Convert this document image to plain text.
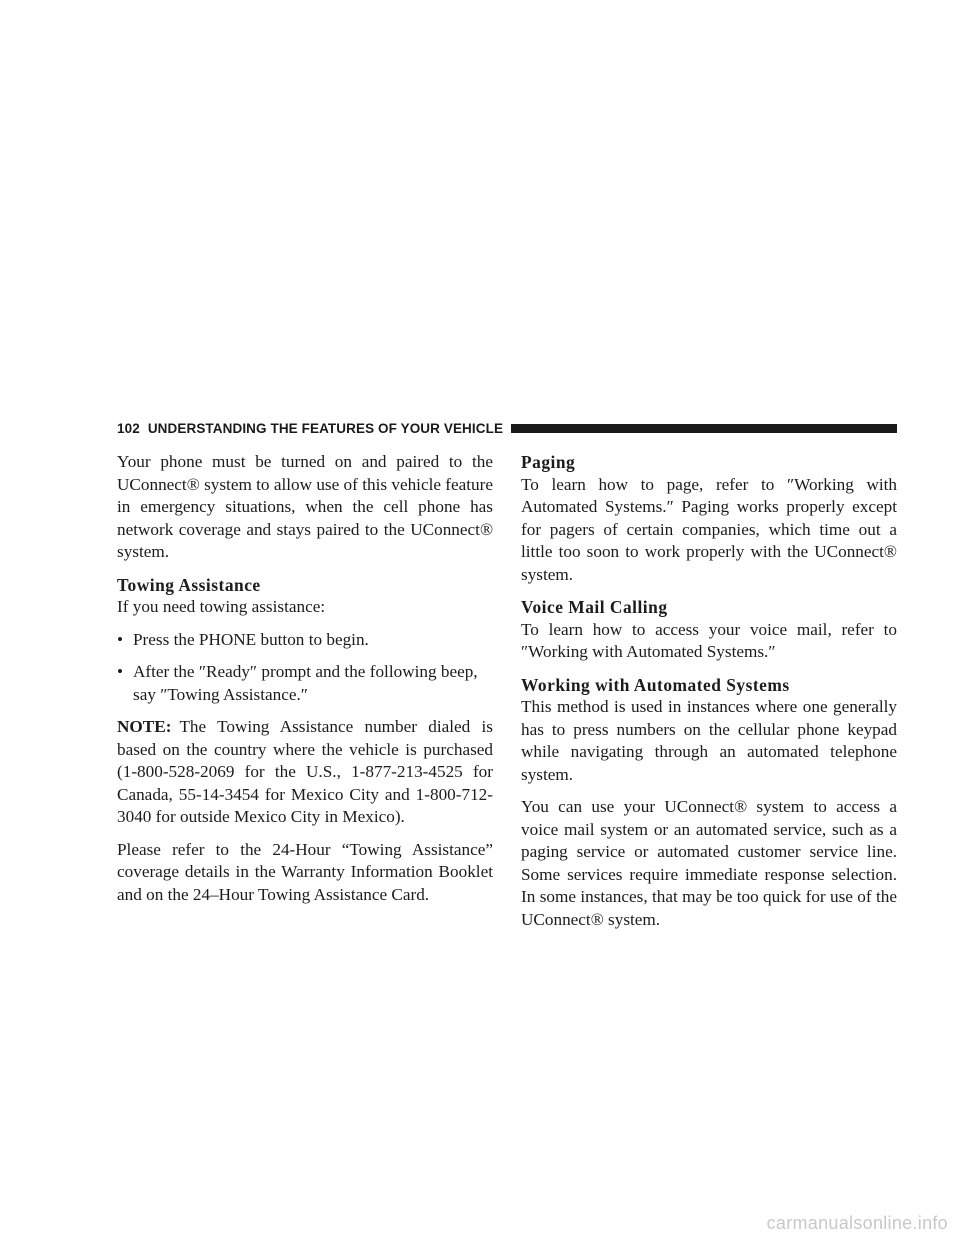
102 UNDERSTANDING THE FEATURES OF YOUR VEHICLE

Your phone must be turned on and paired to the UConnect® system to allow use of this vehicle feature in emergency situations, when the cell phone has network coverage and stays paired to the UConnect® system.

Towing Assistance

If you need towing assistance:

• Press the PHONE button to begin.
• After the ″Ready″ prompt and the following beep, say ″Towing Assistance.″

NOTE: The Towing Assistance number dialed is based on the country where the vehicle is purchased (1-800-528-2069 for the U.S., 1-877-213-4525 for Canada, 55-14-3454 for Mexico City and 1-800-712-3040 for outside Mexico City in Mexico).

Please refer to the 24-Hour “Towing Assistance” coverage details in the Warranty Information Booklet and on the 24–Hour Towing Assistance Card.

Paging

To learn how to page, refer to ″Working with Automated Systems.″ Paging works properly except for pagers of certain companies, which time out a little too soon to work properly with the UConnect® system.

Voice Mail Calling

To learn how to access your voice mail, refer to ″Working with Automated Systems.″

Working with Automated Systems

This method is used in instances where one generally has to press numbers on the cellular phone keypad while navigating through an automated telephone system.

You can use your UConnect® system to access a voice mail system or an automated service, such as a paging service or automated customer service line. Some services require immediate response selection. In some instances, that may be too quick for use of the UConnect® system.

carmanualsonline.info
